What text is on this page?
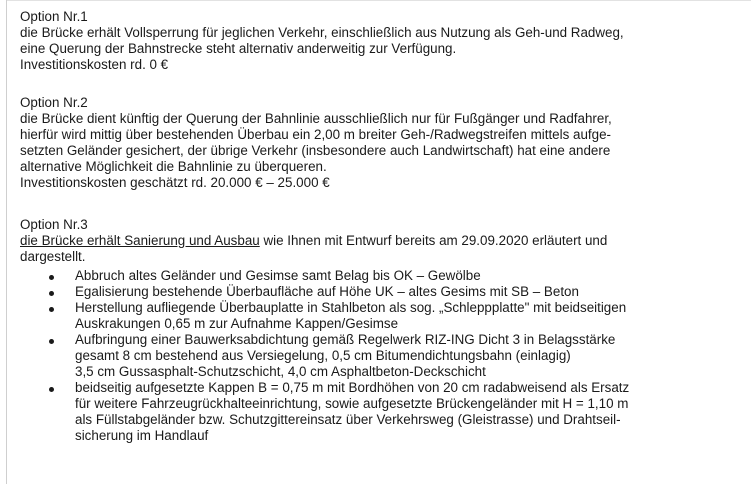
Option Nr.1
die Brücke erhält Vollsperrung für jeglichen Verkehr, einschließlich aus Nutzung als Geh-und Radweg,
eine Querung der Bahnstrecke steht alternativ anderweitig zur Verfügung.
Investitionskosten rd. 0 €
Option Nr.2
die Brücke dient künftig der Querung der Bahnlinie ausschließlich nur für Fußgänger und Radfahrer,
hierfür wird mittig über bestehenden Überbau ein 2,00 m breiter Geh-/Radwegstreifen mittels aufge-
setzten Geländer gesichert, der übrige Verkehr (insbesondere auch Landwirtschaft) hat eine andere
alternative Möglichkeit die Bahnlinie zu überqueren.
Investitionskosten geschätzt rd. 20.000 € – 25.000 €
Option Nr.3
die Brücke erhält Sanierung und Ausbau wie Ihnen mit Entwurf bereits am 29.09.2020 erläutert und
dargestellt.
Abbruch altes Geländer und Gesimse samt Belag bis OK – Gewölbe
Egalisierung bestehende Überbaufläche auf Höhe UK – altes Gesims mit SB – Beton
Herstellung aufliegende Überbauplatte in Stahlbeton als sog. „Schleppplatte" mit beidseitigen
Auskrakungen 0,65 m zur Aufnahme Kappen/Gesimse
Aufbringung einer Bauwerksabdichtung gemäß Regelwerk RIZ-ING Dicht 3 in Belagsstärke
gesamt 8 cm bestehend aus Versiegelung, 0,5 cm Bitumendichtungsbahn (einlagig)
3,5 cm Gussasphalt-Schutzschicht, 4,0 cm Asphaltbeton-Deckschicht
beidseitig aufgesetzte Kappen B = 0,75 m mit Bordhöhen von 20 cm radabweisend als Ersatz
für weitere Fahrzeugrückhalteeinrichtung, sowie aufgesetzte Brückengeländer mit H = 1,10 m
als Füllstabgeländer bzw. Schutzgittereinsatz über Verkehrsweg (Gleistrasse) und Drahtseil-
sicherung im Handlauf
